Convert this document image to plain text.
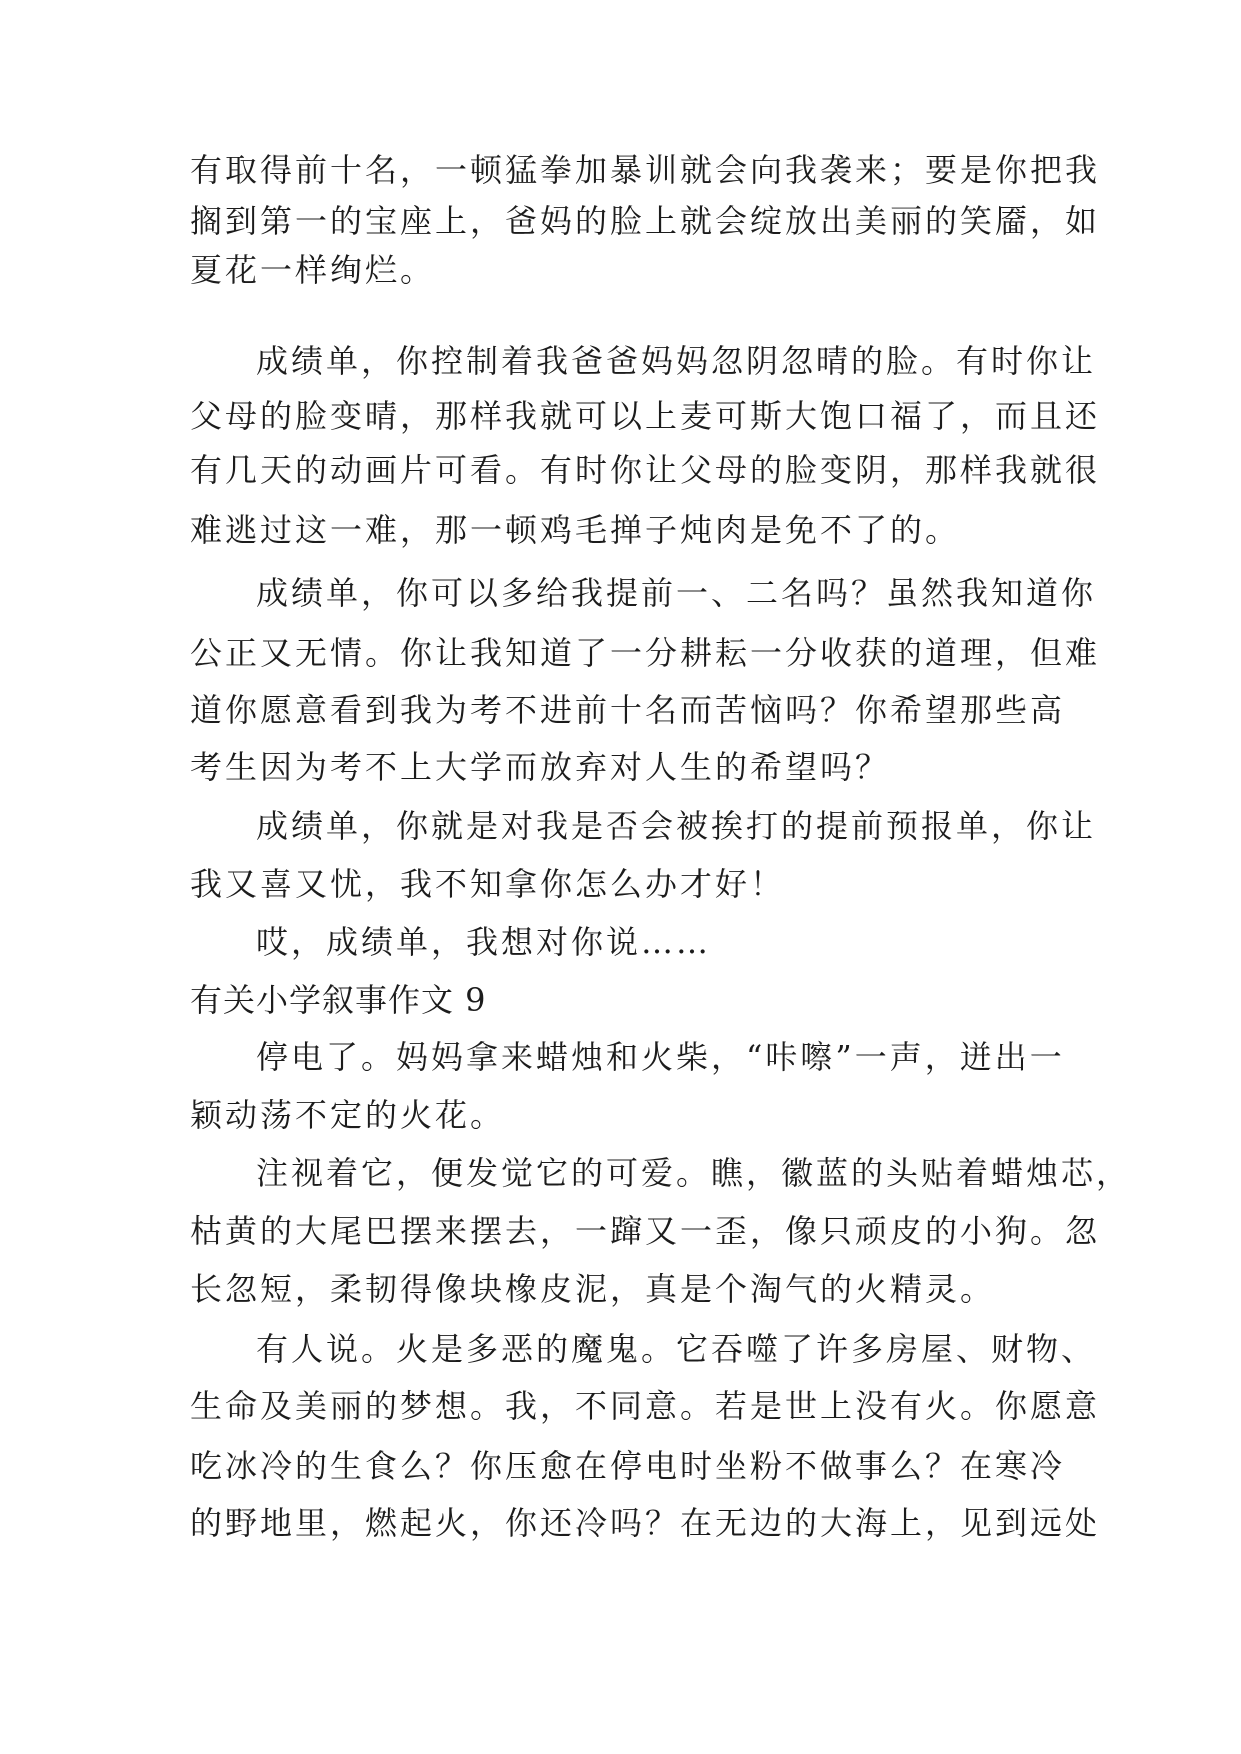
有取得前十名，一顿猛拳加暴训就会向我袭来；要是你把我
搁到第一的宝座上，爸妈的脸上就会绽放出美丽的笑靥，如
夏花一样绚烂。
成绩单，你控制着我爸爸妈妈忽阴忽晴的脸。有时你让
父母的脸变晴，那样我就可以上麦可斯大饱口福了，而且还
有几天的动画片可看。有时你让父母的脸变阴，那样我就很
难逃过这一难，那一顿鸡毛掸子炖肉是免不了的。
成绩单，你可以多给我提前一、二名吗？虽然我知道你
公正又无情。你让我知道了一分耕耘一分收获的道理，但难
道你愿意看到我为考不进前十名而苦恼吗？你希望那些高
考生因为考不上大学而放弃对人生的希望吗？
成绩单，你就是对我是否会被挨打的提前预报单，你让
我又喜又忧，我不知拿你怎么办才好！
哎，成绩单，我想对你说……
有关小学叙事作文 9
停电了。妈妈拿来蜡烛和火柴，“咔嚓”一声，迸出一
颖动荡不定的火花。
注视着它，便发觉它的可爱。瞧，徽蓝的头贴着蜡烛芯，
枯黄的大尾巴摆来摆去，一蹿又一歪，像只顽皮的小狗。忽
长忽短，柔韧得像块橡皮泥，真是个淘气的火精灵。
有人说。火是多恶的魔鬼。它吞噬了许多房屋、财物、
生命及美丽的梦想。我，不同意。若是世上没有火。你愿意
吃冰冷的生食么？你压愈在停电时坐粉不做事么？在寒冷
的野地里，燃起火，你还冷吗？在无边的大海上，见到远处
